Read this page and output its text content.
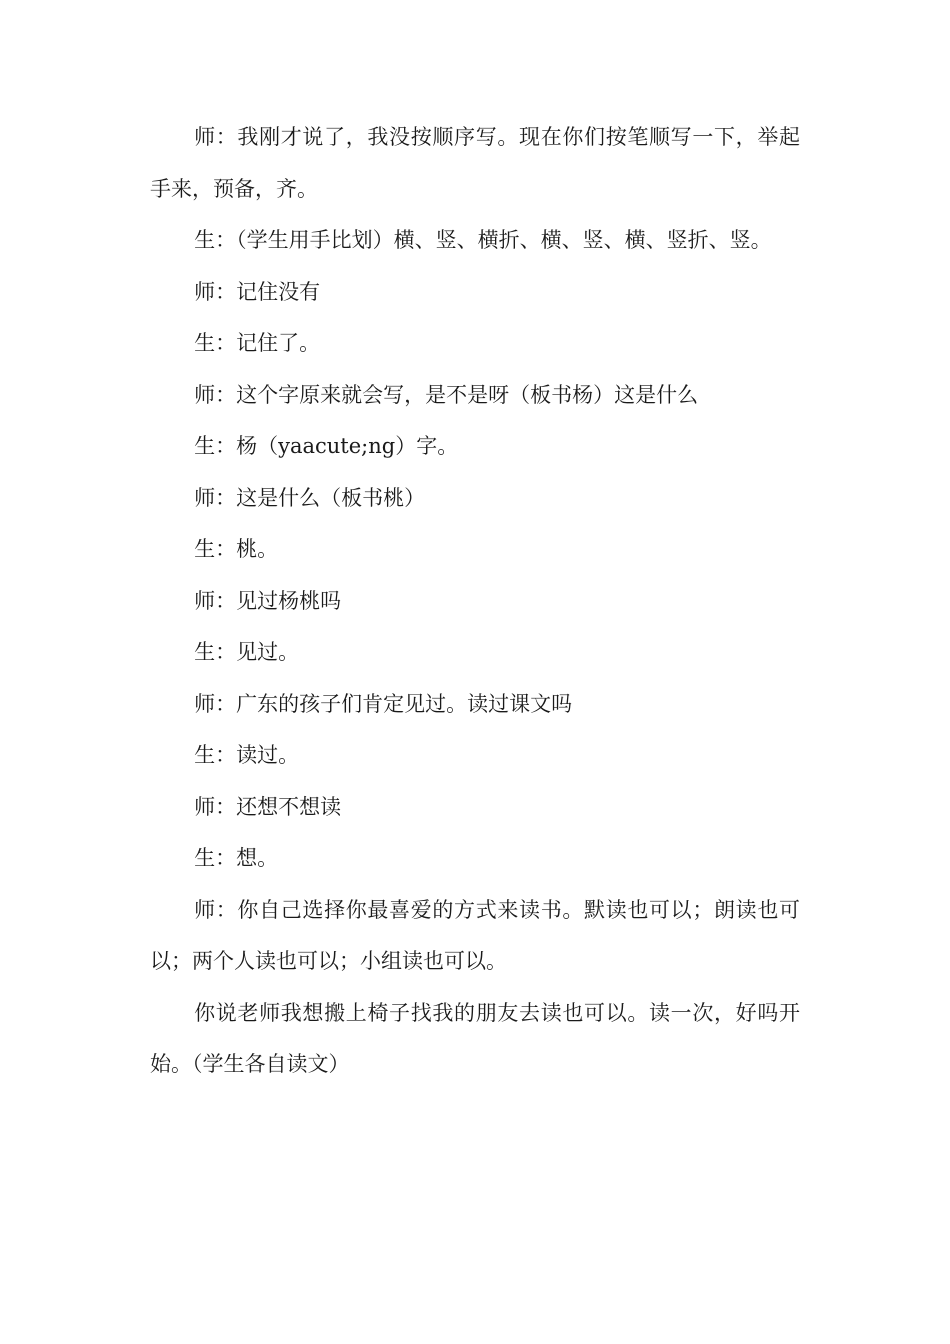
师：我刚才说了，我没按顺序写。现在你们按笔顺写一下，举起手来，预备，齐。

生：（学生用手比划）横、竖、横折、横、竖、横、竖折、竖。

师：记住没有

生：记住了。

师：这个字原来就会写，是不是呀（板书杨）这是什么

生：杨（yaacute;ng）字。

师：这是什么（板书桃）

生：桃。

师：见过杨桃吗

生：见过。

师：广东的孩子们肯定见过。读过课文吗

生：读过。

师：还想不想读

生：想。

师：你自己选择你最喜爱的方式来读书。默读也可以；朗读也可以；两个人读也可以；小组读也可以。

你说老师我想搬上椅子找我的朋友去读也可以。读一次，好吗开始。（学生各自读文）
